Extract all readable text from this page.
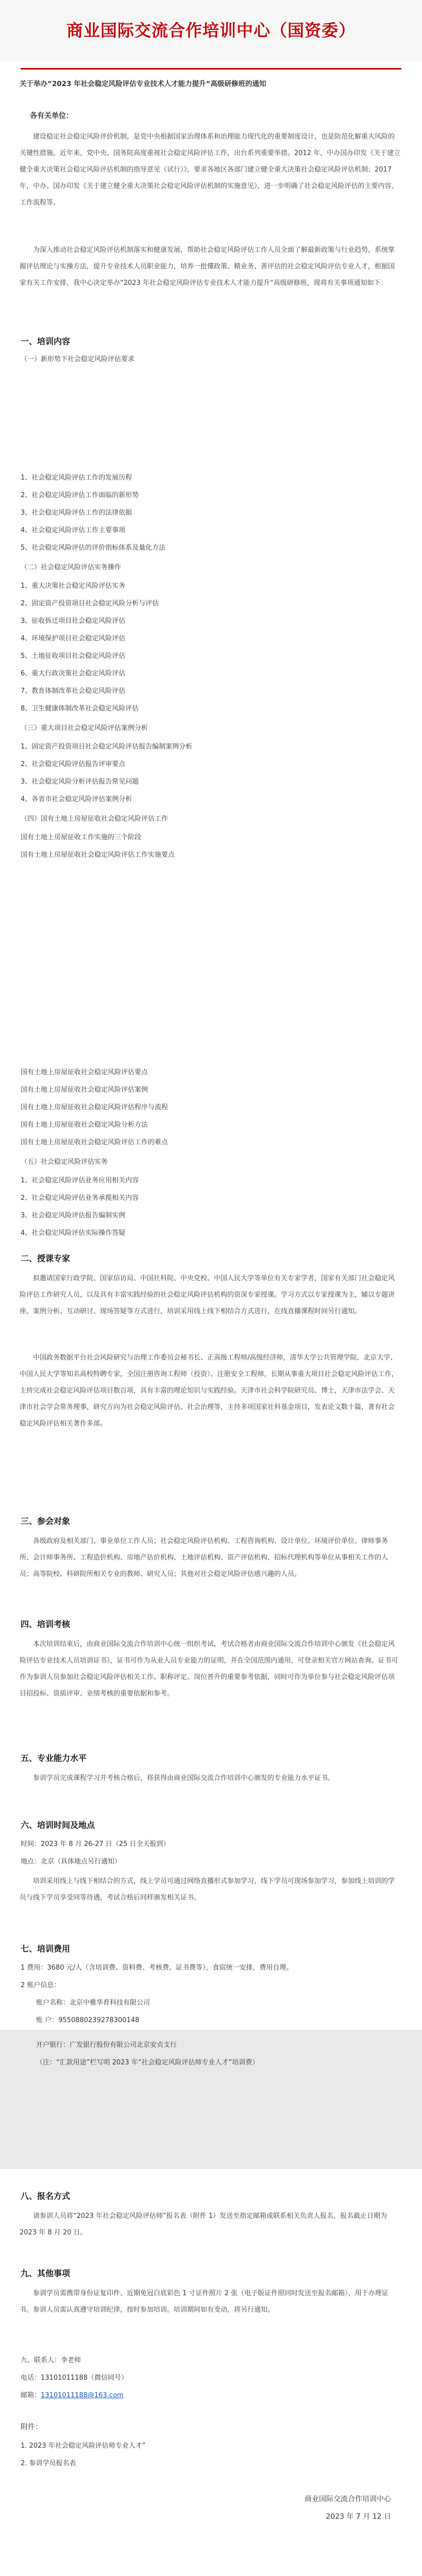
商业国际交流合作培训中心（国资委）
关于举办“2023 年社会稳定风险评估专业技术人才能力提升“高级研修班的通知
各有关单位：
建设稳定社会稳定风险评价机制，是党中央根据国家治理体系和治理能力现代化的重要制度设计，也是防范化解重大风险的关键性措施。近年来，党中央、国务院高度重视社会稳定风险评估工作，出台系列重要举措。2012 年，中办国办印发《关于建立健全重大决策社会稳定风险评估机制的指导意见（试行）》，要求各地区各部门建立健全重大决策社会稳定风险评估机制；2017 年，中办、国办印发《关于建立健全重大决策社会稳定风险评估机制的实施意见》，进一步明确了社会稳定风险评估的主要内容、工作流程等。
为深入推动社会稳定风险评估机制落实和健康发展，帮助社会稳定风险评估工作人员全面了解最新政策与行业趋势，系统掌握评估理论与实操方法，提升专业技术人员职业能力，培养一批懂政策、精业务、善评估的社会稳定风险评估专业人才，根据国家有关工作安排，我中心决定举办“2023 年社会稳定风险评估专业技术人才能力提升“高级研修班，现将有关事项通知如下：
一、培训内容
（一）新形势下社会稳定风险评估要求
1、社会稳定风险评估工作的发展历程
2、社会稳定风险评估工作面临的新形势
3、社会稳定风险评估工作的法律依据
4、社会稳定风险评估工作主要事项
5、社会稳定风险评估的评价指标体系及量化方法
（二）社会稳定风险评估实务操作
1、重大决策社会稳定风险评估实务
2、固定资产投资项目社会稳定风险分析与评估
3、征收拆迁项目社会稳定风险评估
4、环境保护项目社会稳定风险评估
5、土地征收项目社会稳定风险评估
6、重大行政决策社会稳定风险评估
7、教育体制改革社会稳定风险评估
8、卫生健康体制改革社会稳定风险评估
（三）重大项目社会稳定风险评估案例分析
1、固定资产投资项目社会稳定风险评估报告编制案例分析
2、社会稳定风险评估报告评审要点
3、社会稳定风险分析评估报告常见问题
4、各省市社会稳定风险评估案例分析
（四）国有土地上房屋征收社会稳定风险评估工作
国有土地上房屋征收工作实施的三个阶段
国有土地上房屋征收社会稳定风险评估工作实施要点
国有土地上房屋征收社会稳定风险评估要点
国有土地上房屋征收社会稳定风险评估案例
国有土地上房屋征收社会稳定风险评估程序与流程
国有土地上房屋征收社会稳定风险分析方法
国有土地上房屋征收社会稳定风险评估工作的难点
（五）社会稳定风险评估实务
1、社会稳定风险评估业务应用相关内容
2、社会稳定风险评估业务承揽相关内容
3、社会稳定风险评估报告编制实例
4、社会稳定风险评估实际操作答疑
二、授课专家
拟邀请国家行政学院、国家信访局、中国社科院、中央党校、中国人民大学等单位有关专家学者，国家有关部门社会稳定风险评估工作研究人员，以及具有丰富实践经验的社会稳定风险评估机构的资深专家授课。学习方式以专家授课为主，辅以专题讲座、案例分析、互动研讨、现场答疑等方式进行，培训采用线上线下相结合方式进行，在线直播课程时间另行通知。
中国政务数据平台社会风险研究与治理工作委员会秘书长、正高级工程师/高级经济师，清华大学公共管理学院、北京大学、中国人民大学等知名高校特聘专家，全国注册咨询工程师（投资）、注册安全工程师，长期从事重大项目社会稳定风险评估工作，主持完成社会稳定风险评估项目数百项，具有丰富的理论知识与实践经验。天津市社会科学院研究员、博士，天津市法学会、天津市社会学会常务理事，研究方向为社会稳定风险评估、社会治理等，主持多项国家社科基金项目，发表论文数十篇，著有社会稳定风险评估相关著作多部。
三、参会对象
各级政府及相关部门、事业单位工作人员；社会稳定风险评估机构、工程咨询机构、设计单位、环境评价单位、律师事务所、会计师事务所、工程造价机构、房地产估价机构、土地评估机构、资产评估机构、招标代理机构等单位从事相关工作的人员；高等院校、科研院所相关专业的教师、研究人员；其他对社会稳定风险评估感兴趣的人员。
四、培训考核
本次培训结束后，由商业国际交流合作培训中心统一组织考试，考试合格者由商业国际交流合作培训中心颁发《社会稳定风险评估专业技术人员培训证书》，证书可作为从业人员专业能力的证明，并在全国范围内通用，可登录相关官方网站查询。证书可作为参训人员参加社会稳定风险评估相关工作、职称评定、岗位晋升的重要参考依据，同时可作为单位参与社会稳定风险评估项目招投标、资质评审、业绩考核的重要依据和参考。
五、专业能力水平
参训学员完成课程学习并考核合格后，将获得由商业国际交流合作培训中心颁发的专业能力水平证书。
六、培训时间及地点
时间：2023 年 8 月 26-27 日（25 日全天报到）
地点：北京（具体地点另行通知）
培训采用线上与线下相结合的方式，线上学员可通过网络直播形式参加学习，线下学员可现场参加学习，参加线上培训的学员与线下学员享受同等待遇，考试合格后同样颁发相关证书。
七、培训费用
1 费用：3680 元/人（含培训费、资料费、考核费、证书费等），食宿统一安排，费用自理。
2 账户信息：
账户名称：北京中雅华育科技有限公司
账 户：9550880239278300148
开户银行：广发银行股份有限公司北京安贞支行
（注：“汇款用途”栏写明 2023 年“社会稳定风险评估师专业人才”培训费）
八、报名方式
请参训人员将“2023 年社会稳定风险评估师”报名表（附件 1）发送至指定邮箱或联系相关负责人报名，报名截止日期为 2023 年 8 月 20 日。
九、其他事项
参训学员需携带身份证复印件、近期免冠白底彩色 1 寸证件照片 2 张（电子版证件照同时发送至报名邮箱），用于办理证书。参训人员需认真遵守培训纪律，按时参加培训。培训期间如有变动，将另行通知。
九、联系人：李老师
电话：13101011188（微信同号）
邮箱：13101011188@163.com
附件：
1. 2023 年社会稳定风险评估师专业人才”
2. 参训学员报名表
商业国际交流合作培训中心
2023 年 7 月 12 日
